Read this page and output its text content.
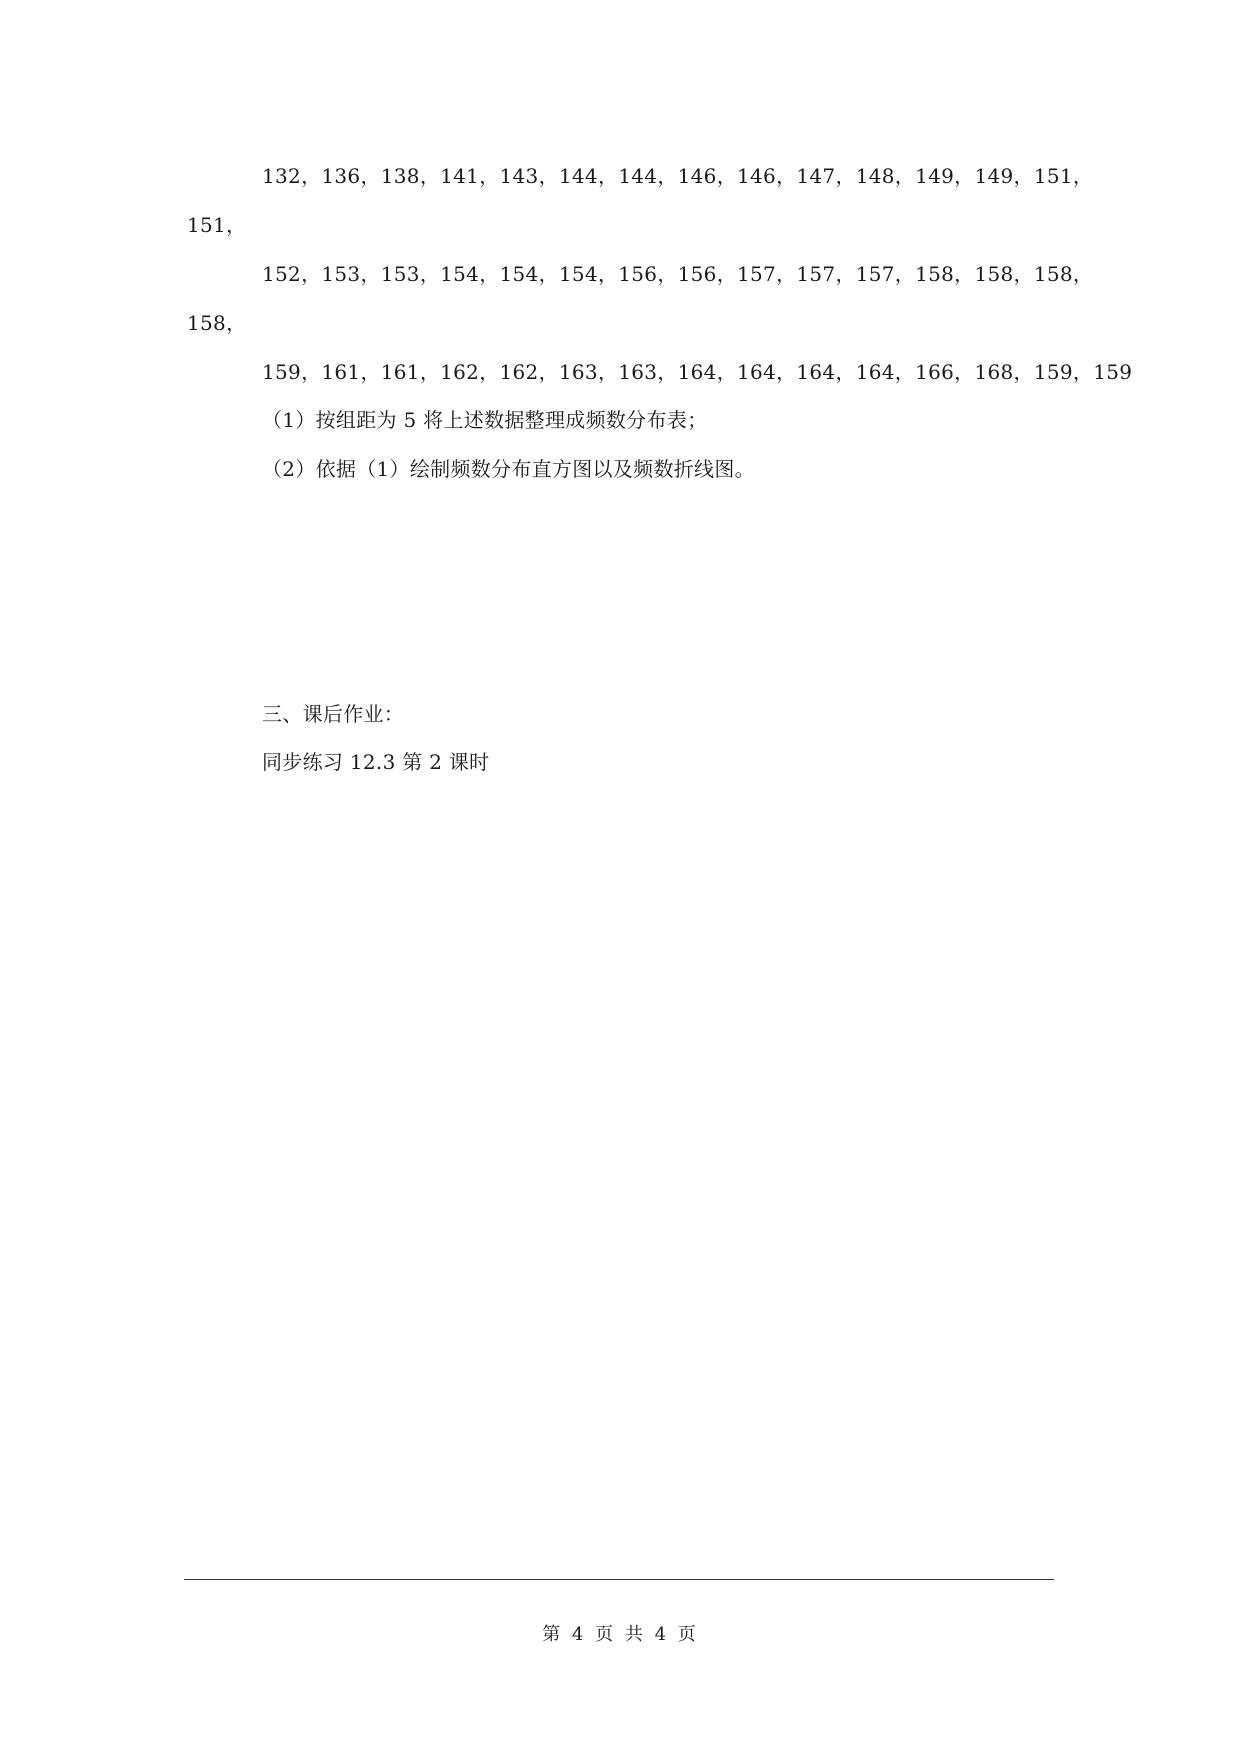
132，136，138，141，143，144，144，146，146，147，148，149，149，151，
151，
152，153，153，154，154，154，156，156，157，157，157，158，158，158，
158，
159，161，161，162，162，163，163，164，164，164，164，166，168，159，159
（1）按组距为 5 将上述数据整理成频数分布表；
（2）依据（1）绘制频数分布直方图以及频数折线图。
三、课后作业：
同步练习 12.3 第 2 课时
第 4 页 共 4 页
